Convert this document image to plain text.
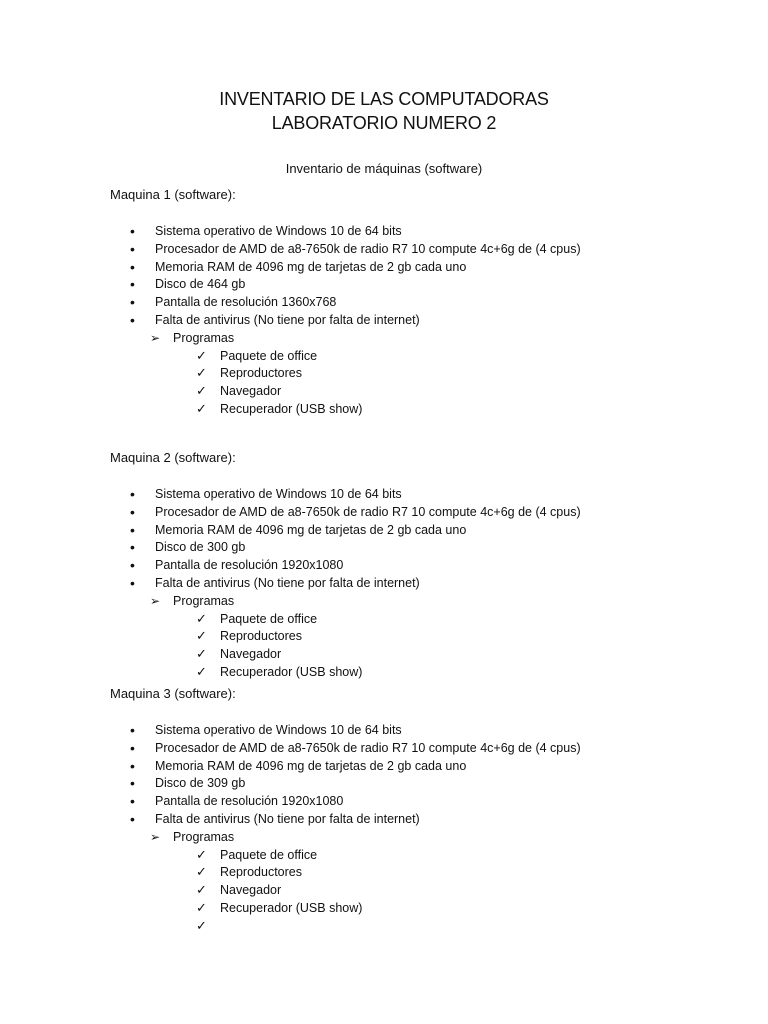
INVENTARIO DE LAS COMPUTADORAS
LABORATORIO NUMERO 2
Inventario de máquinas (software)
Maquina 1 (software):
• Sistema operativo de Windows 10 de 64 bits
• Procesador de AMD de a8-7650k de radio R7 10 compute 4c+6g de (4 cpus)
• Memoria RAM de 4096 mg de tarjetas de 2 gb cada uno
• Disco de 464 gb
• Pantalla de resolución 1360x768
• Falta de antivirus (No tiene por falta de internet)
➢ Programas
✓ Paquete de office
✓ Reproductores
✓ Navegador
✓ Recuperador (USB show)
Maquina 2 (software):
• Sistema operativo de Windows 10 de 64 bits
• Procesador de AMD de a8-7650k de radio R7 10 compute 4c+6g de (4 cpus)
• Memoria RAM de 4096 mg de tarjetas de 2 gb cada uno
• Disco de 300 gb
• Pantalla de resolución 1920x1080
• Falta de antivirus (No tiene por falta de internet)
➢ Programas
✓ Paquete de office
✓ Reproductores
✓ Navegador
✓ Recuperador (USB show)
Maquina 3 (software):
• Sistema operativo de Windows 10 de 64 bits
• Procesador de AMD de a8-7650k de radio R7 10 compute 4c+6g de (4 cpus)
• Memoria RAM de 4096 mg de tarjetas de 2 gb cada uno
• Disco de 309 gb
• Pantalla de resolución 1920x1080
• Falta de antivirus (No tiene por falta de internet)
➢ Programas
✓ Paquete de office
✓ Reproductores
✓ Navegador
✓ Recuperador (USB show)
✓
